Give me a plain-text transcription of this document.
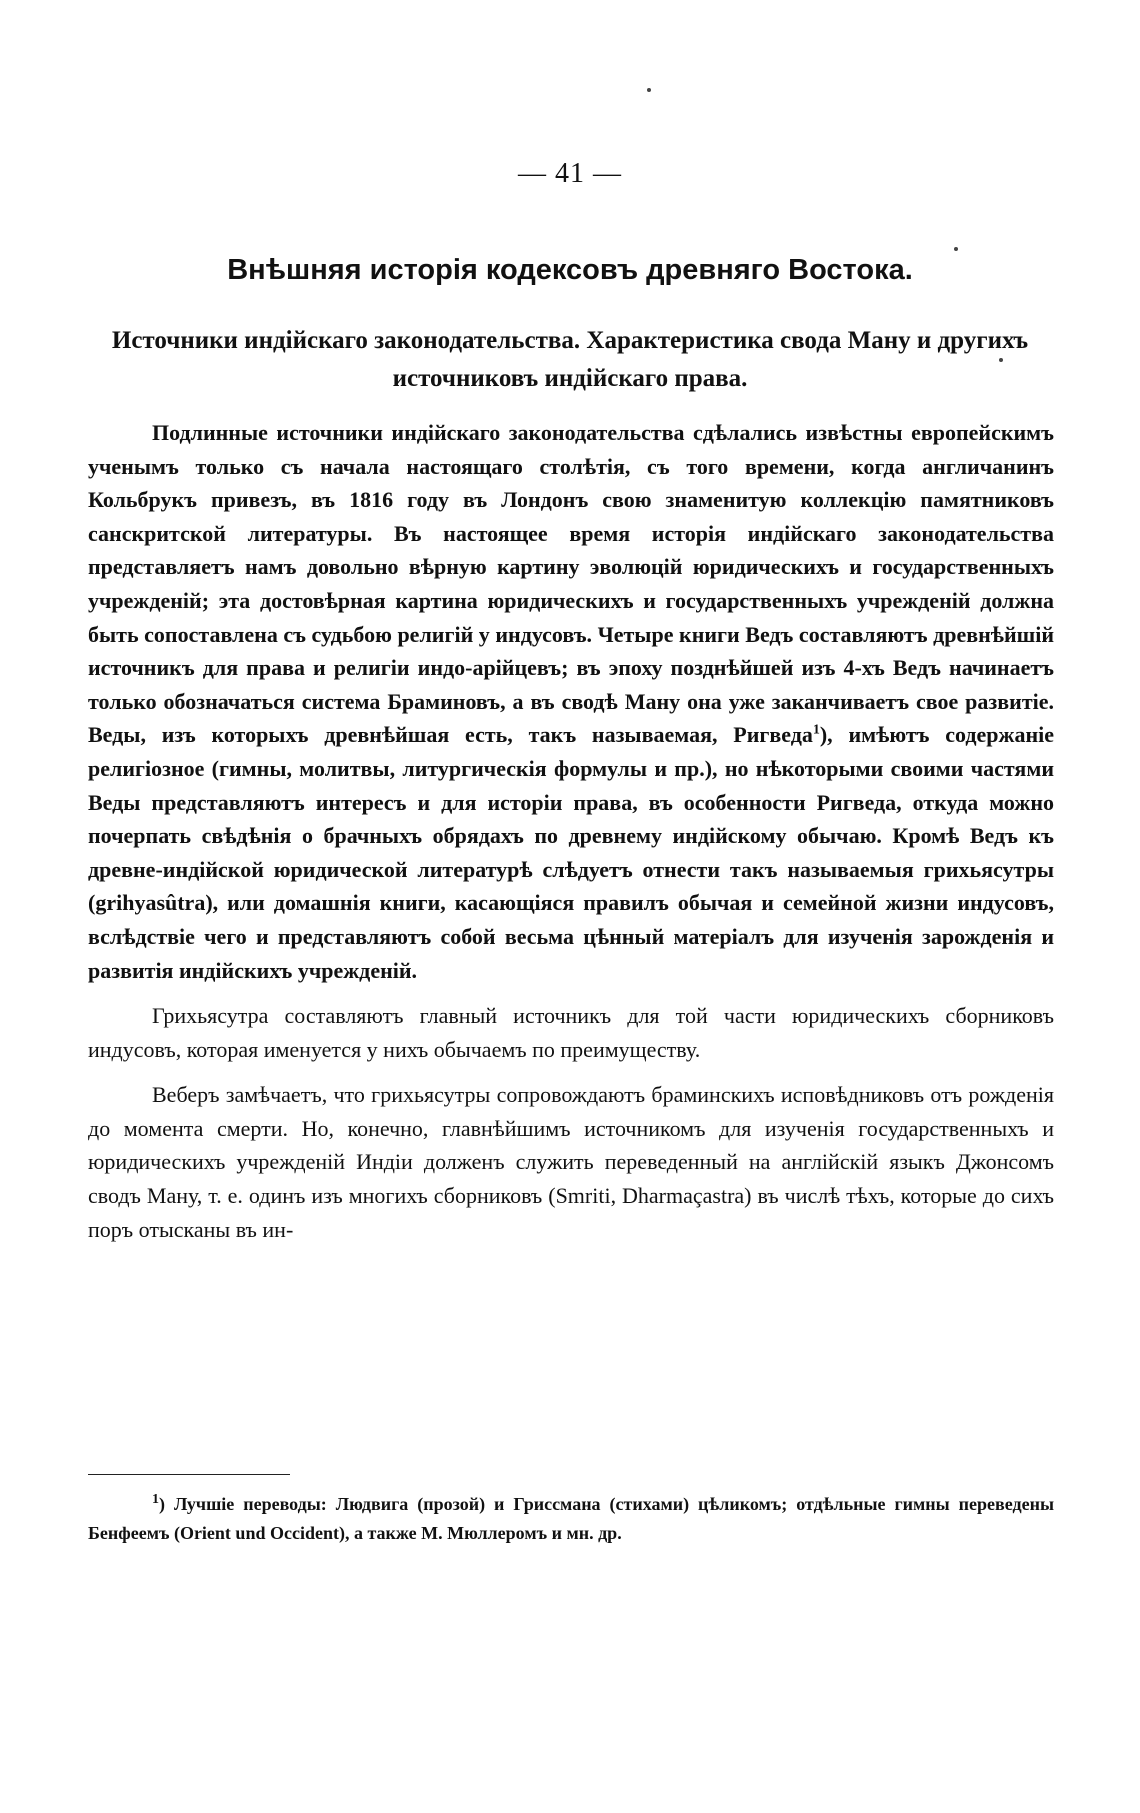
— 41 —
Внѣшняя исторія кодексовъ древняго Востока.
Источники индійскаго законодательства. Характеристика свода Ману и другихъ источниковъ индійскаго права.

Подлинные источники индійскаго законодательства сдѣлались извѣстны европейскимъ ученымъ только съ начала настоящаго столѣтія, съ того времени, когда англичанинъ Кольбрукъ привезъ, въ 1816 году въ Лондонъ свою знаменитую коллекцію памятниковъ санскритской литературы. Въ настоящее время исторія индійскаго законодательства представляетъ намъ довольно вѣрную картину эволюцій юридическихъ и государственныхъ учрежденій; эта достовѣрная картина юридическихъ и государственныхъ учрежденій должна быть сопоставлена съ судьбою религій у индусовъ. Четыре книги Ведъ составляютъ древнѣйшій источникъ для права и религіи индо-арійцевъ; въ эпоху позднѣйшей изъ 4-хъ Ведъ начинаетъ только обозначаться система Браминовъ, а въ сводѣ Ману она уже заканчиваетъ свое развитіе. Веды, изъ которыхъ древнѣйшая есть, такъ называемая, Ригведа$^1$), имѣютъ содержаніе религіозное (гимны, молитвы, литургическія формулы и пр.), но нѣкоторыми своими частями Веды представляютъ интересъ и для исторіи права, въ особенности Ригведа, откуда можно почерпать свѣдѣнія о брачныхъ обрядахъ по древнему индійскому обычаю. Кромѣ Ведъ къ древне-индійской юридической литературѣ слѣдуетъ отнести такъ называемыя грихьясутры (grihyasûtra), или домашнія книги, касающіяся правилъ обычая и семейной жизни индусовъ, вслѣдствіе чего и представляютъ собой весьма цѣнный матеріалъ для изученія зарожденія и развитія индійскихъ учрежденій.

Грихьясутра составляютъ главный источникъ для той части юридическихъ сборниковъ индусовъ, которая именуется у нихъ обычаемъ по преимуществу.

Веберъ замѣчаетъ, что грихьясутры сопровождаютъ браминскихъ исповѣдниковъ отъ рожденія до момента смерти. Но, конечно, главнѣйшимъ источникомъ для изученія государственныхъ и юридическихъ учрежденій Индіи долженъ служить переведенный на англійскій языкъ Джонсомъ сводъ Ману, т. е. одинъ изъ многихъ сборниковъ (Smriti, Dharmaçastra) въ числѣ тѣхъ, которые до сихъ поръ отысканы въ ин-

$^1$) Лучшіе переводы: Людвига (прозой) и Гриссмана (стихами) цѣликомъ; отдѣльные гимны переведены Бенфеемъ (Orient und Occident), а также М. Мюллеромъ и мн. др.
